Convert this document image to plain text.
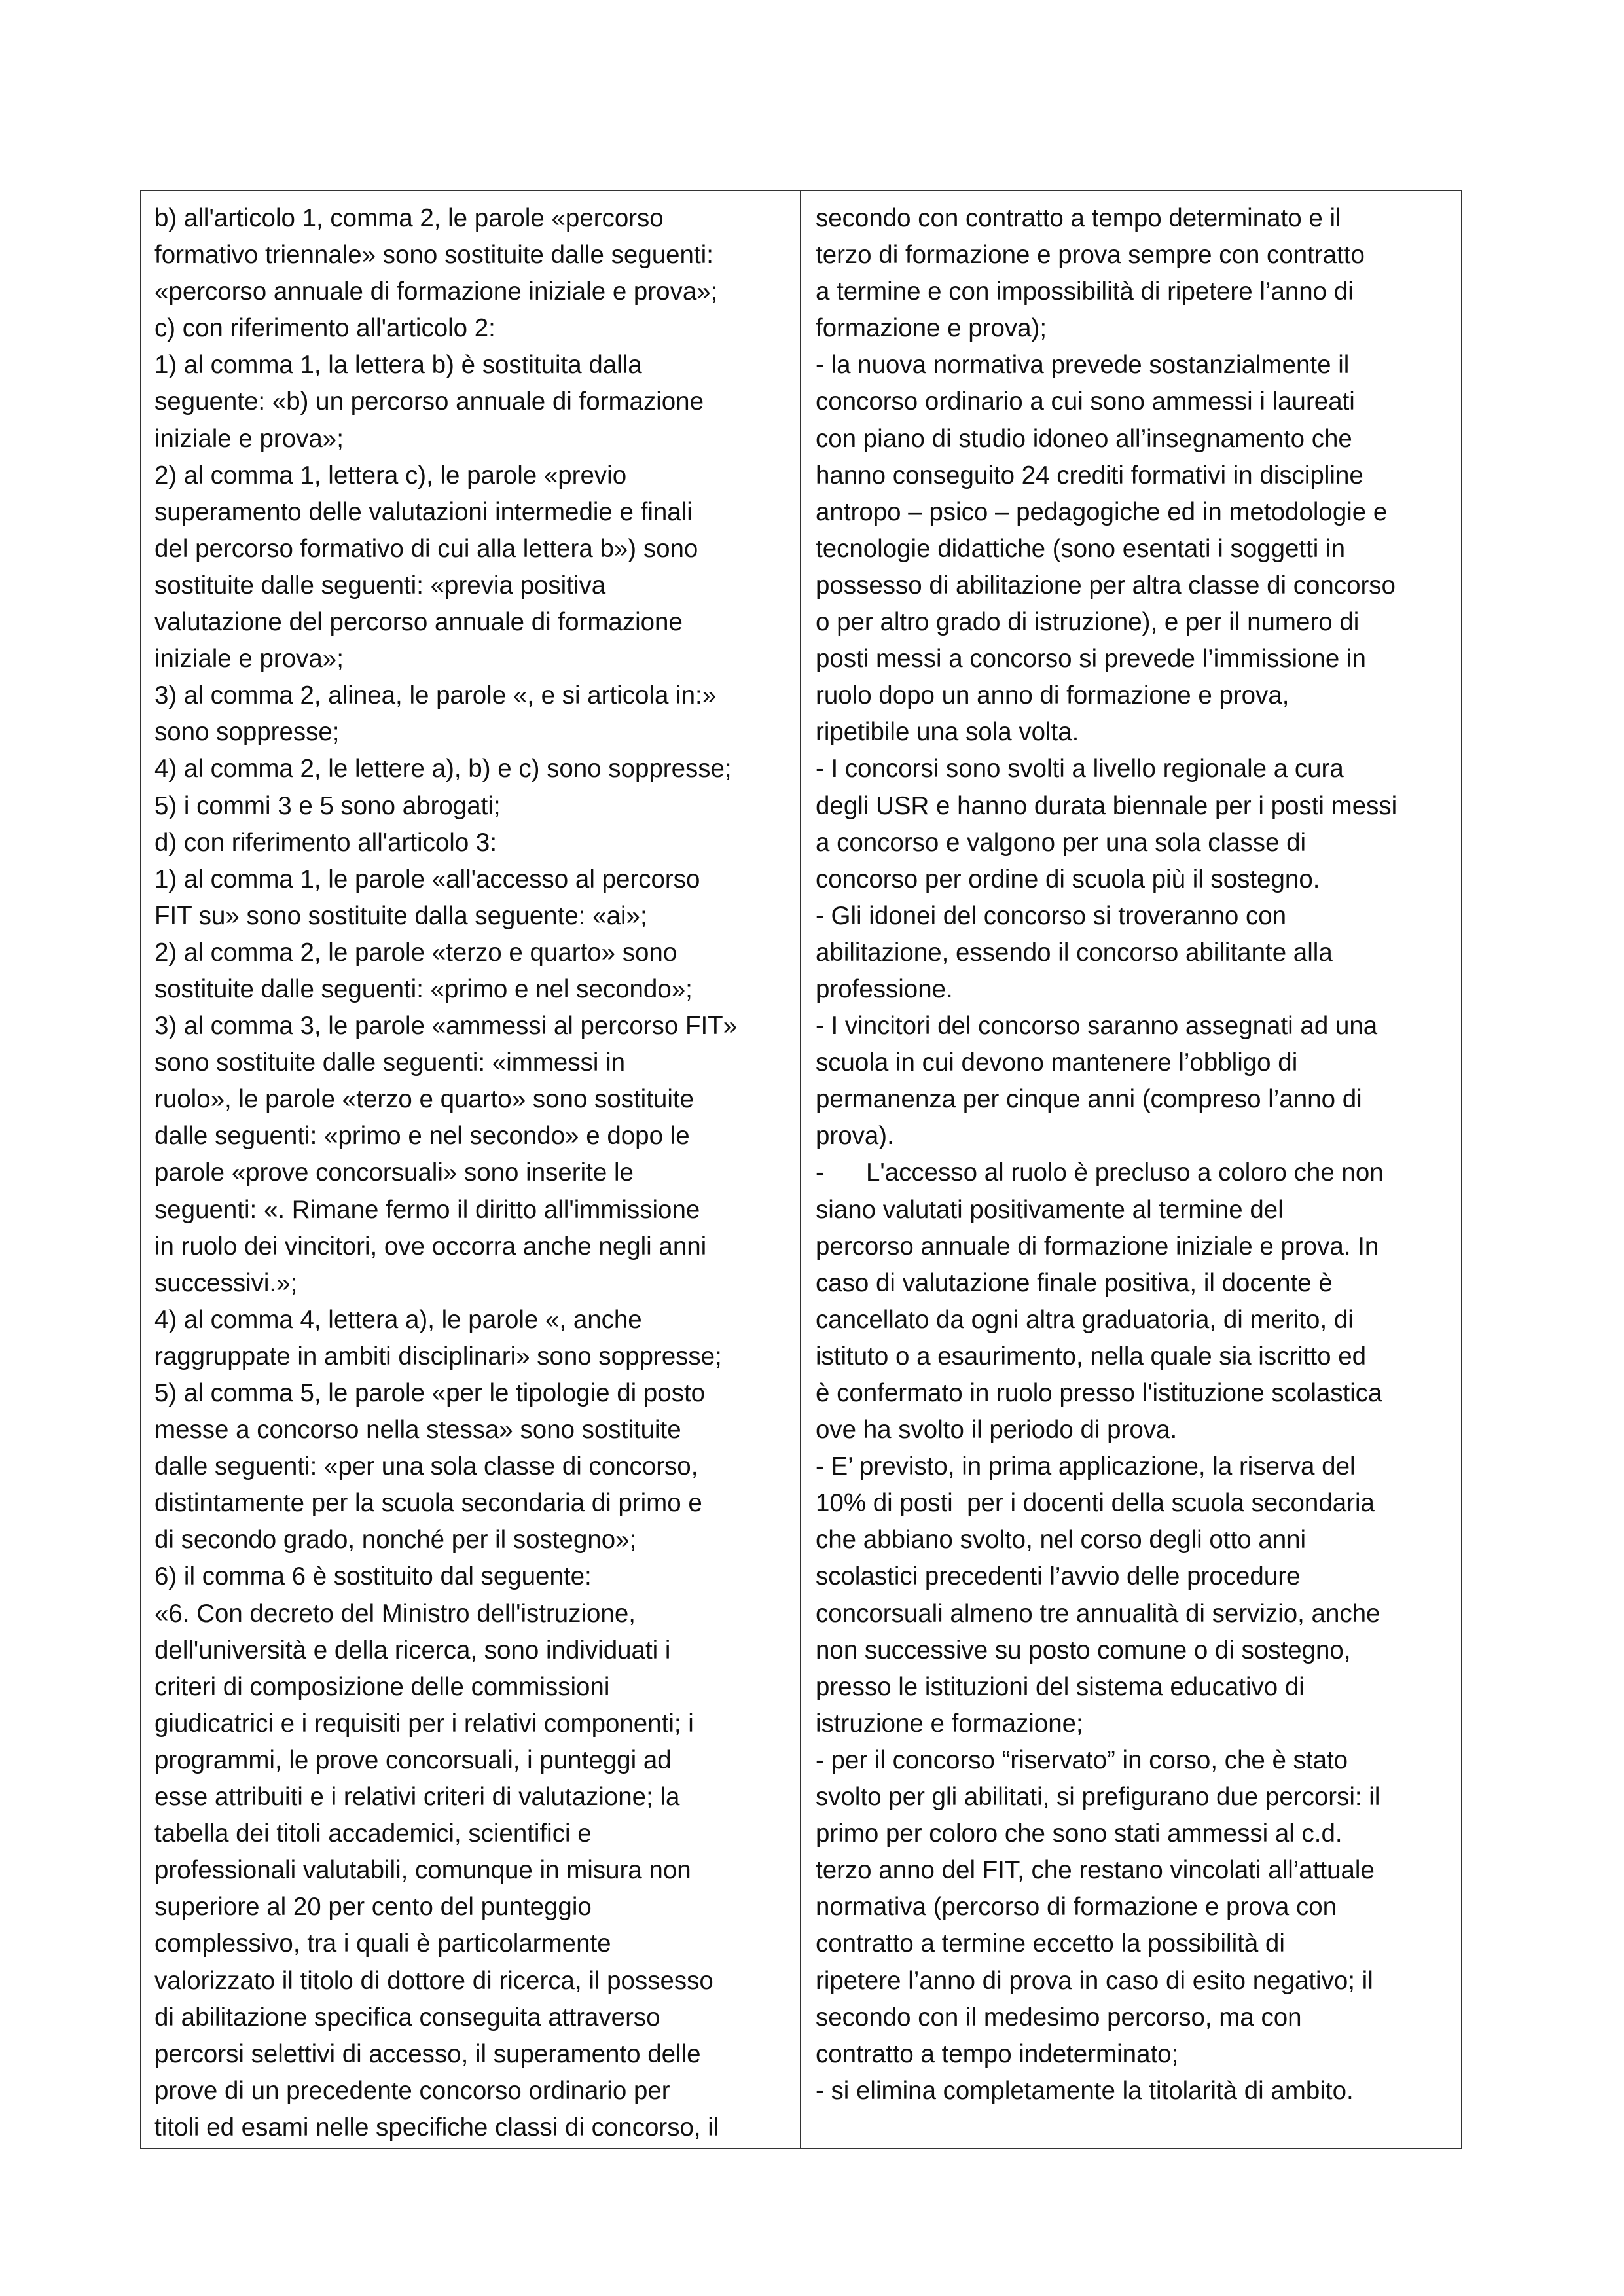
b) all'articolo 1, comma 2, le parole «percorso
formativo triennale» sono sostituite dalle seguenti:
«percorso annuale di formazione iniziale e prova»;
c) con riferimento all'articolo 2:
1) al comma 1, la lettera b) è sostituita dalla
seguente: «b) un percorso annuale di formazione
iniziale e prova»;
2) al comma 1, lettera c), le parole «previo
superamento delle valutazioni intermedie e finali
del percorso formativo di cui alla lettera b») sono
sostituite dalle seguenti: «previa positiva
valutazione del percorso annuale di formazione
iniziale e prova»;
3) al comma 2, alinea, le parole «, e si articola in:»
sono soppresse;
4) al comma 2, le lettere a), b) e c) sono soppresse;
5) i commi 3 e 5 sono abrogati;
d) con riferimento all'articolo 3:
1) al comma 1, le parole «all'accesso al percorso
FIT su» sono sostituite dalla seguente: «ai»;
2) al comma 2, le parole «terzo e quarto» sono
sostituite dalle seguenti: «primo e nel secondo»;
3) al comma 3, le parole «ammessi al percorso FIT»
sono sostituite dalle seguenti: «immessi in
ruolo», le parole «terzo e quarto» sono sostituite
dalle seguenti: «primo e nel secondo» e dopo le
parole «prove concorsuali» sono inserite le
seguenti: «. Rimane fermo il diritto all'immissione
in ruolo dei vincitori, ove occorra anche negli anni
successivi.»;
4) al comma 4, lettera a), le parole «, anche
raggruppate in ambiti disciplinari» sono soppresse;
5) al comma 5, le parole «per le tipologie di posto
messe a concorso nella stessa» sono sostituite
dalle seguenti: «per una sola classe di concorso,
distintamente per la scuola secondaria di primo e
di secondo grado, nonché per il sostegno»;
6) il comma 6 è sostituito dal seguente:
«6. Con decreto del Ministro dell'istruzione,
dell'università e della ricerca, sono individuati i
criteri di composizione delle commissioni
giudicatrici e i requisiti per i relativi componenti; i
programmi, le prove concorsuali, i punteggi ad
esse attribuiti e i relativi criteri di valutazione; la
tabella dei titoli accademici, scientifici e
professionali valutabili, comunque in misura non
superiore al 20 per cento del punteggio
complessivo, tra i quali è particolarmente
valorizzato il titolo di dottore di ricerca, il possesso
di abilitazione specifica conseguita attraverso
percorsi selettivi di accesso, il superamento delle
prove di un precedente concorso ordinario per
titoli ed esami nelle specifiche classi di concorso, il
secondo con contratto a tempo determinato e il
terzo di formazione e prova sempre con contratto
a termine e con impossibilità di ripetere l’anno di
formazione e prova);
- la nuova normativa prevede sostanzialmente il
concorso ordinario a cui sono ammessi i laureati
con piano di studio idoneo all’insegnamento che
hanno conseguito 24 crediti formativi in discipline
antropo – psico – pedagogiche ed in metodologie e
tecnologie didattiche (sono esentati i soggetti in
possesso di abilitazione per altra classe di concorso
o per altro grado di istruzione), e per il numero di
posti messi a concorso si prevede l’immissione in
ruolo dopo un anno di formazione e prova,
ripetibile una sola volta.
- I concorsi sono svolti a livello regionale a cura
degli USR e hanno durata biennale per i posti messi
a concorso e valgono per una sola classe di
concorso per ordine di scuola più il sostegno.
- Gli idonei del concorso si troveranno con
abilitazione, essendo il concorso abilitante alla
professione.
- I vincitori del concorso saranno assegnati ad una
scuola in cui devono mantenere l’obbligo di
permanenza per cinque anni (compreso l’anno di
prova).
-      L'accesso al ruolo è precluso a coloro che non
siano valutati positivamente al termine del
percorso annuale di formazione iniziale e prova. In
caso di valutazione finale positiva, il docente è
cancellato da ogni altra graduatoria, di merito, di
istituto o a esaurimento, nella quale sia iscritto ed
è confermato in ruolo presso l'istituzione scolastica
ove ha svolto il periodo di prova.
- E’ previsto, in prima applicazione, la riserva del
10% di posti  per i docenti della scuola secondaria
che abbiano svolto, nel corso degli otto anni
scolastici precedenti l’avvio delle procedure
concorsuali almeno tre annualità di servizio, anche
non successive su posto comune o di sostegno,
presso le istituzioni del sistema educativo di
istruzione e formazione;
- per il concorso “riservato” in corso, che è stato
svolto per gli abilitati, si prefigurano due percorsi: il
primo per coloro che sono stati ammessi al c.d.
terzo anno del FIT, che restano vincolati all’attuale
normativa (percorso di formazione e prova con
contratto a termine eccetto la possibilità di
ripetere l’anno di prova in caso di esito negativo; il
secondo con il medesimo percorso, ma con
contratto a tempo indeterminato;
- si elimina completamente la titolarità di ambito.
